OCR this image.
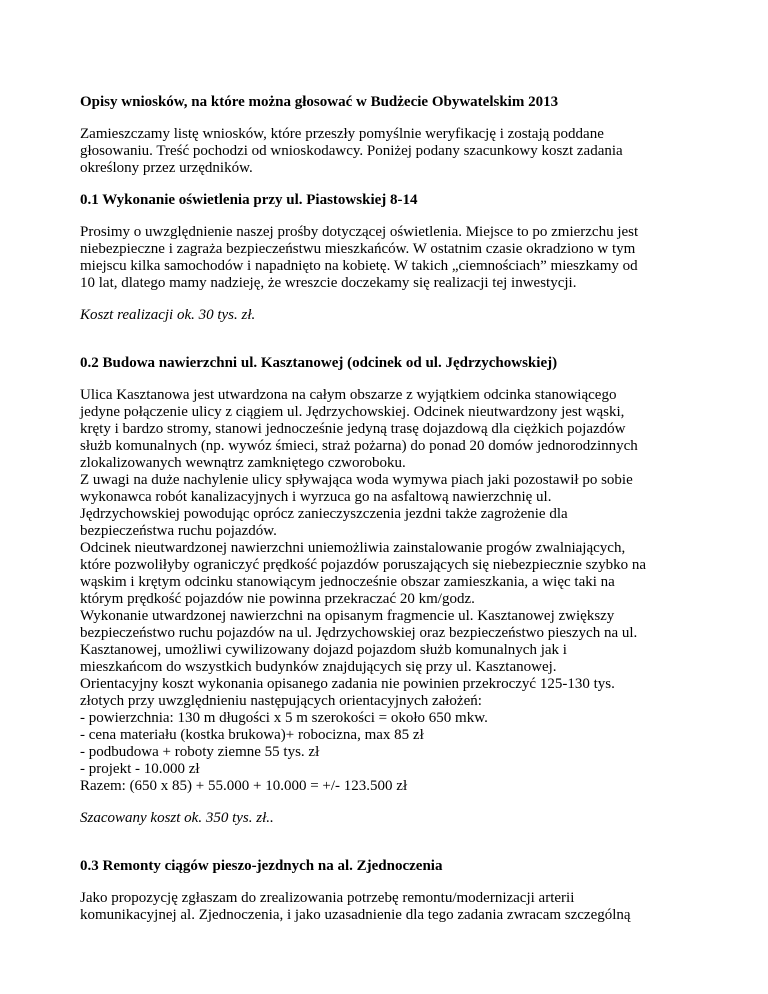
Opisy wniosków, na które można głosować w Budżecie Obywatelskim 2013
Zamieszczamy listę wniosków, które przeszły pomyślnie weryfikację i zostają poddane
głosowaniu. Treść pochodzi od wnioskodawcy. Poniżej podany szacunkowy koszt zadania
określony przez urzędników.
0.1 Wykonanie oświetlenia przy ul. Piastowskiej 8-14
Prosimy o uwzględnienie naszej prośby dotyczącej oświetlenia. Miejsce to po zmierzchu jest
niebezpieczne i zagraża bezpieczeństwu mieszkańców. W ostatnim czasie okradziono w tym
miejscu kilka samochodów i napadnięto na kobietę. W takich „ciemnościach” mieszkamy od
10 lat, dlatego mamy nadzieję, że wreszcie doczekamy się realizacji tej inwestycji.
Koszt realizacji ok. 30 tys. zł.
0.2 Budowa nawierzchni ul. Kasztanowej (odcinek od ul. Jędrzychowskiej)
Ulica Kasztanowa jest utwardzona na całym obszarze z wyjątkiem odcinka stanowiącego
jedyne połączenie ulicy z ciągiem ul. Jędrzychowskiej. Odcinek nieutwardzony jest wąski,
kręty i bardzo stromy, stanowi jednocześnie jedyną trasę dojazdową dla ciężkich pojazdów
służb komunalnych (np. wywóz śmieci, straż pożarna) do ponad 20 domów jednorodzinnych
zlokalizowanych wewnątrz zamkniętego czworoboku.
Z uwagi na duże nachylenie ulicy spływająca woda wymywa piach jaki pozostawił po sobie
wykonawca robót kanalizacyjnych i wyrzuca go na asfaltową nawierzchnię ul.
Jędrzychowskiej powodując oprócz zanieczyszczenia jezdni także zagrożenie dla
bezpieczeństwa ruchu pojazdów.
Odcinek nieutwardzonej nawierzchni uniemożliwia zainstalowanie progów zwalniających,
które pozwoliłyby ograniczyć prędkość pojazdów poruszających się niebezpiecznie szybko na
wąskim i krętym odcinku stanowiącym jednocześnie obszar zamieszkania, a więc taki na
którym prędkość pojazdów nie powinna przekraczać 20 km/godz.
Wykonanie utwardzonej nawierzchni na opisanym fragmencie ul. Kasztanowej zwiększy
bezpieczeństwo ruchu pojazdów na ul. Jędrzychowskiej oraz bezpieczeństwo pieszych na ul.
Kasztanowej, umożliwi cywilizowany dojazd pojazdom służb komunalnych jak i
mieszkańcom do wszystkich budynków znajdujących się przy ul. Kasztanowej.
Orientacyjny koszt wykonania opisanego zadania nie powinien przekroczyć 125-130 tys.
złotych przy uwzględnieniu następujących orientacyjnych założeń:
- powierzchnia: 130 m długości x 5 m szerokości = około 650 mkw.
- cena materiału (kostka brukowa)+ robocizna, max 85 zł
- podbudowa + roboty ziemne 55 tys. zł
- projekt - 10.000 zł
Razem: (650 x 85) + 55.000 + 10.000 = +/- 123.500 zł
Szacowany koszt ok. 350 tys. zł..
0.3 Remonty ciągów pieszo-jezdnych na al. Zjednoczenia
Jako propozycję zgłaszam do zrealizowania potrzebę remontu/modernizacji arterii
komunikacyjnej al. Zjednoczenia, i jako uzasadnienie dla tego zadania zwracam szczególną
